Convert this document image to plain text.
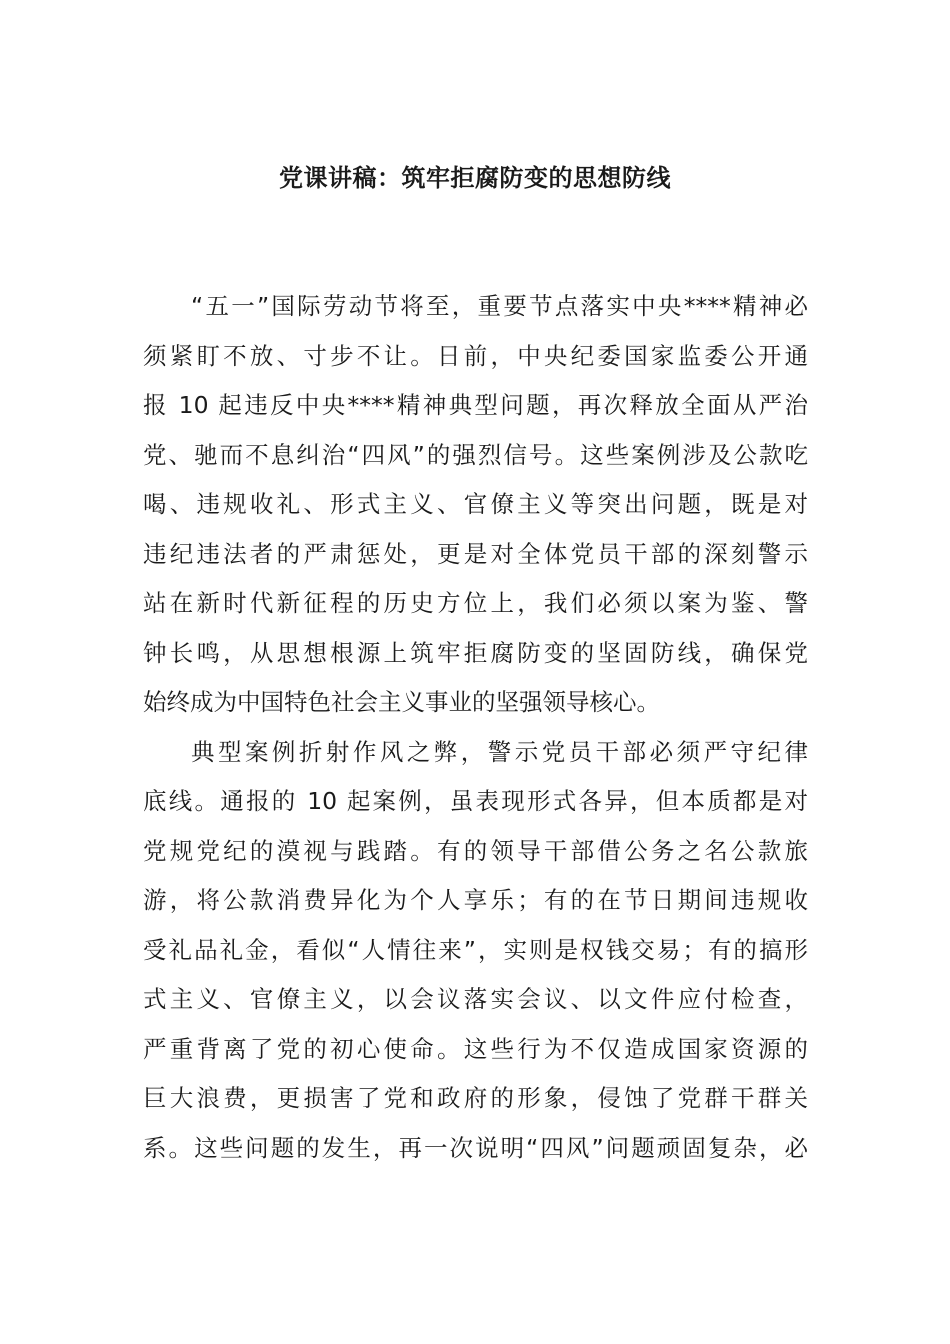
党课讲稿：筑牢拒腐防变的思想防线
“五一”国际劳动节将至，重要节点落实中央****精神必
须紧盯不放、寸步不让。日前，中央纪委国家监委公开通
报 10 起违反中央****精神典型问题，再次释放全面从严治
党、驰而不息纠治“四风”的强烈信号。这些案例涉及公款吃
喝、违规收礼、形式主义、官僚主义等突出问题，既是对
违纪违法者的严肃惩处，更是对全体党员干部的深刻警示
站在新时代新征程的历史方位上，我们必须以案为鉴、警
钟长鸣，从思想根源上筑牢拒腐防变的坚固防线，确保党
始终成为中国特色社会主义事业的坚强领导核心。
典型案例折射作风之弊，警示党员干部必须严守纪律
底线。通报的 10 起案例，虽表现形式各异，但本质都是对
党规党纪的漠视与践踏。有的领导干部借公务之名公款旅
游，将公款消费异化为个人享乐；有的在节日期间违规收
受礼品礼金，看似“人情往来”，实则是权钱交易；有的搞形
式主义、官僚主义，以会议落实会议、以文件应付检查，
严重背离了党的初心使命。这些行为不仅造成国家资源的
巨大浪费，更损害了党和政府的形象，侵蚀了党群干群关
系。这些问题的发生，再一次说明“四风”问题顽固复杂，必
